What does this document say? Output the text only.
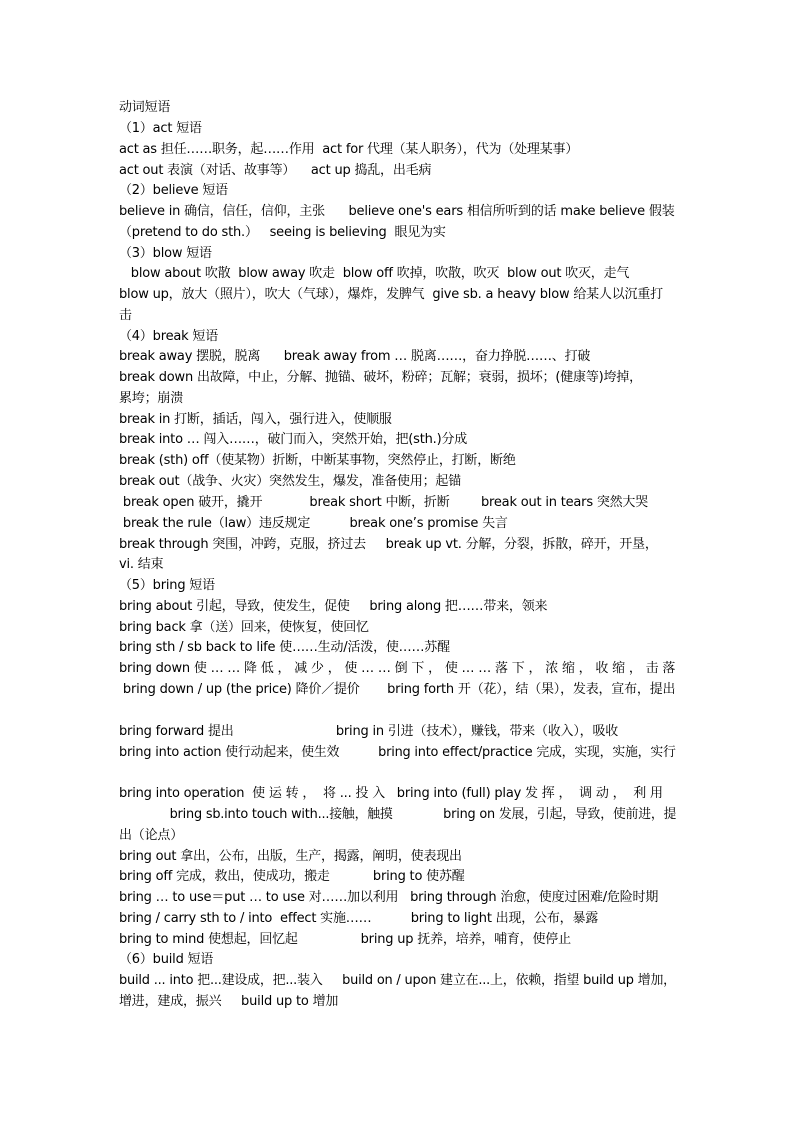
动词短语
（1）act 短语
act as 担任……职务，起……作用  act for 代理（某人职务），代为（处理某事）
act out 表演（对话、故事等）    act up 捣乱，出毛病
（2）believe 短语
believe in 确信，信任，信仰，主张      believe one's ears 相信所听到的话 make believe 假装
（pretend to do sth.）   seeing is believing  眼见为实
（3）blow 短语
blow about 吹散  blow away 吹走  blow off 吹掉，吹散，吹灭  blow out 吹灭，走气
blow up，放大（照片），吹大（气球），爆炸，发脾气  give sb. a heavy blow 给某人以沉重打
击
（4）break 短语
break away 摆脱，脱离      break away from … 脱离……，奋力挣脱……、打破
break down 出故障，中止，分解、抛锚、破坏，粉碎；瓦解；衰弱，损坏；(健康等)垮掉，
累垮；崩溃
break in 打断，插话，闯入，强行进入，使顺服
break into … 闯入……，破门而入，突然开始，把(sth.)分成
break (sth) off（使某物）折断，中断某事物，突然停止，打断，断绝
break out（战争、火灾）突然发生，爆发，准备使用；起锚
break open 破开，撬开            break short 中断，折断        break out in tears 突然大哭
break the rule（law）违反规定          break one’s promise 失言
break through 突围，冲跨，克服，挤过去     break up vt. 分解，分裂，拆散，碎开，开垦，
vi. 结束
（5）bring 短语
bring about 引起，导致，使发生，促使     bring along 把……带来，领来
bring back 拿（送）回来，使恢复，使回忆
bring sth / sb back to life 使……生动/活泼，使……苏醒
bring down 使 … … 降 低 ， 减 少 ， 使 … … 倒 下 ， 使 … … 落 下 ， 浓 缩 ， 收 缩 ， 击 落
bring down / up (the price) 降价／提价       bring forth 开（花），结（果），发表，宣布，提出
bring forward 提出                          bring in 引进（技术），赚钱，带来（收入），吸收
bring into action 使行动起来，使生效          bring into effect/practice 完成，实现，实施，实行
bring into operation  使 运 转 ，  将 ... 投 入   bring into (full) play 发 挥 ，  调 动 ，  利 用
bring sb.into touch with...接触，触摸             bring on 发展，引起，导致，使前进，提
出（论点）
bring out 拿出，公布，出版，生产，揭露，阐明，使表现出
bring off 完成，救出，使成功，搬走           bring to 使苏醒
bring … to use＝put … to use 对……加以利用   bring through 治愈，使度过困难/危险时期
bring / carry sth to / into  effect 实施……          bring to light 出现，公布，暴露
bring to mind 使想起，回忆起                bring up 抚养，培养，哺育，使停止
（6）build 短语
build ... into 把...建设成，把...装入     build on / upon 建立在...上，依赖，指望 build up 增加，
增进，建成，振兴     build up to 增加
